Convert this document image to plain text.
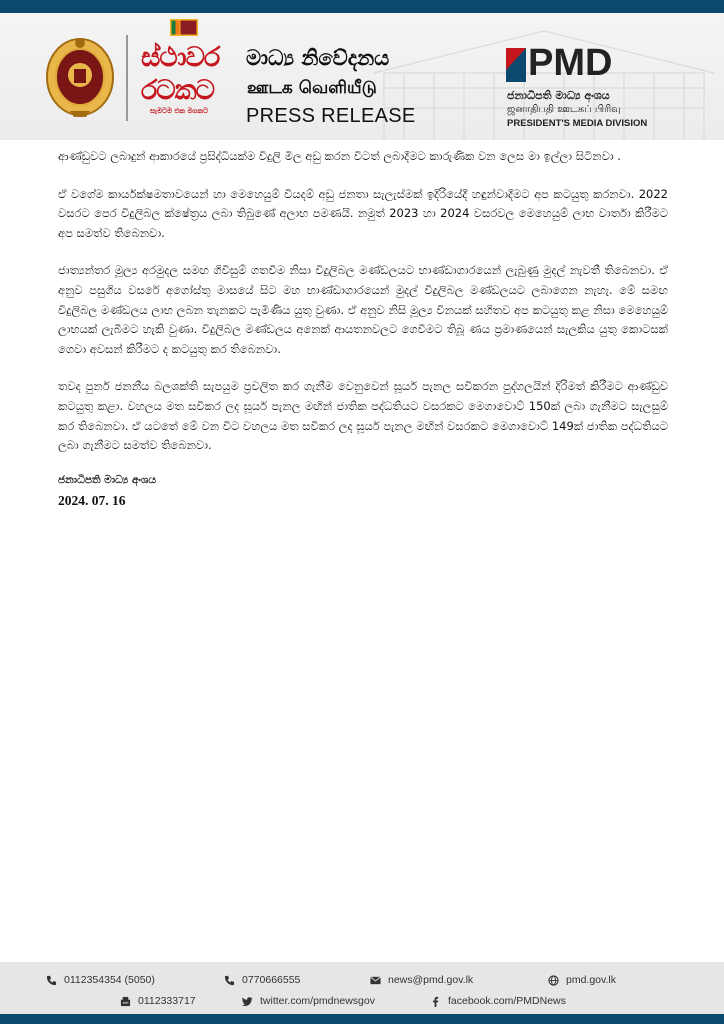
ස්ථාවර
රටකට
සැමටම එක මගකට
මාධ්‍ය නිවේදනය
ஊடக வெளியீடு
PRESS RELEASE
PMD
ජනාධිපති මාධ්‍ය අංශය
ஜனாதிபதி ஊடகப் பிரிவு
PRESIDENT'S MEDIA DIVISION

ආණ්ඩුවට ලබාදුන් ආකාරයේ ප්‍රසිද්ධියක්ම විදුලි මිල අඩු කරන විටත් ලබාදීමට කාරුණික වන ලෙස මා ඉල්ලා සිටිනවා .

ඒ වගේම කාර්යක්ෂමතාවයෙන් හා මෙහෙයුම් වියදම් අඩු ජනතා සැලැස්මක් ඉදිරියේදී හඳුන්වාදීමට අප කටයුතු කරනවා. 2022 වසරට පෙර විදුලිබල ක්ෂේත්‍රය ලබා තිබුණේ අලාභ පමණයි. නමුත් 2023 හා 2024 වසරවල මෙහෙයුම් ලාභ වාර්තා කිරීමට අප සමත්ව තිබෙනවා.

ජාත්‍යන්තර මූල්‍ය අරමුදල සමඟ ගිවිසුම් ගතවීම නිසා විදුලිබල මණ්ඩලයට භාණ්ඩාගාරයෙන් ලැබුණු මුදල් නැවතී තිබෙනවා. ඒ අනුව පසුගිය වසරේ අගෝස්තු මාසයේ සිට මහ භාණ්ඩාගාරයෙන් මුදල් විදුලිබල මණ්ඩලයට ලබාගෙන නැහැ. මේ සමඟ විදුලිබල මණ්ඩලය ලාභ ලබන තැනකට පැමිණිය යුතු වුණා. ඒ අනුව නිසි මූල්‍ය විනයක් සහිතව අප කටයුතු කළ නිසා මෙහෙයුම් ලාභයක් ලැබීමට හැකි වුණා. විදුලිබල මණ්ඩලය අනෙක් ආයතනවලට ගෙවීමට තිබූ ණය ප්‍රමාණයෙන් සැලකිය යුතු කොටසක් ගෙවා අවසන් කිරීමට ද කටයුතු කර තිබෙනවා.

තවද පුනර් ජනනීය බලශක්ති සැපයුම ප්‍රචලිත කර ගැනීම වෙනුවෙන් සූර්ය පැනල සවිකරන පුද්ගලයින් දිරිමත් කිරීමට ආණ්ඩුව කටයුතු කළා. වහලය මත සවිකර ලද සූර්ය පැනල මඟින් ජාතික පද්ධතියට වසරකට මෙගාවොට් 150ක් ලබා ගැනීමට සැලසුම් කර තිබෙනවා. ඒ යටතේ මේ වන විට වහලය මත සවිකර ලද සූර්ය පැනල මඟින් වසරකට මෙගාවොට් 149ක් ජාතික පද්ධතියට ලබා ගැනීමට සමත්ව තිබෙනවා.

ජනාධිපති මාධ්‍ය අංශය
2024. 07. 16
0112354354 (5050)	0770666555	news@pmd.gov.lk	pmd.gov.lk
0112333717	twitter.com/pmdnewsgov	facebook.com/PMDNews
